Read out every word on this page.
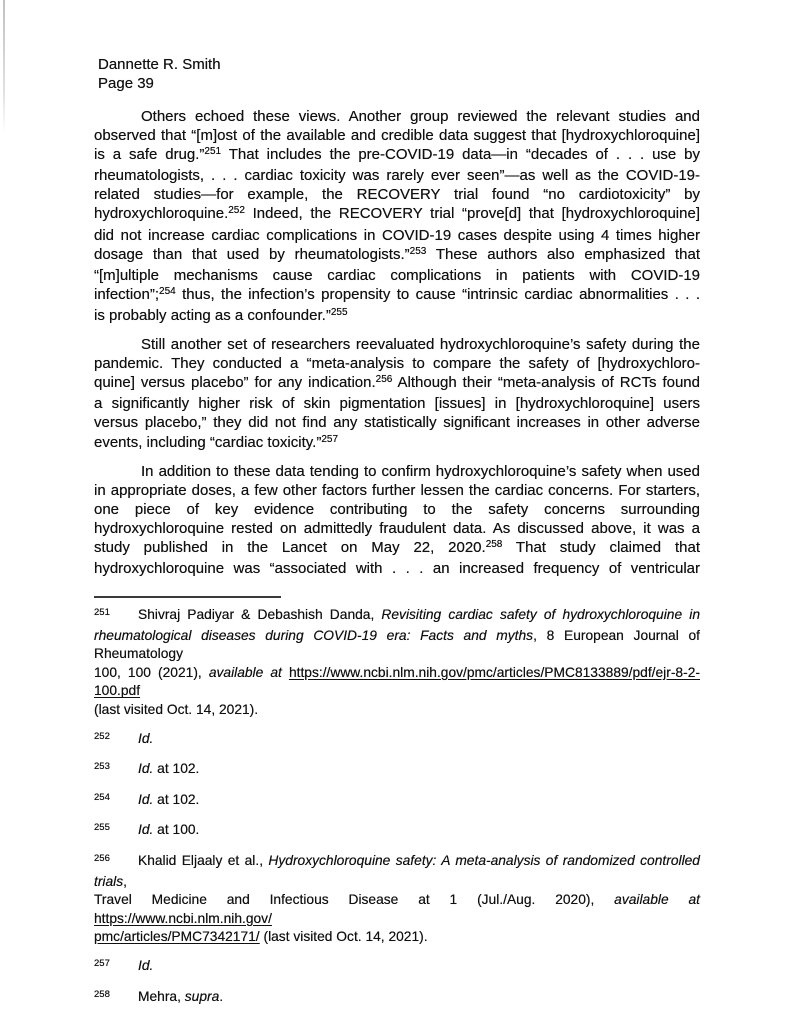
Dannette R. Smith
Page 39
Others echoed these views. Another group reviewed the relevant studies and
observed that “[m]ost of the available and credible data suggest that [hydroxychloroquine]
is a safe drug.”$^{251}$ That includes the pre-COVID-19 data—in “decades of . . . use by
rheumatologists, . . . cardiac toxicity was rarely ever seen”—as well as the COVID-19-
related studies—for example, the RECOVERY trial found “no cardiotoxicity” by
hydroxychloroquine.$^{252}$ Indeed, the RECOVERY trial “prove[d] that [hydroxychloroquine]
did not increase cardiac complications in COVID-19 cases despite using 4 times higher
dosage than that used by rheumatologists.”$^{253}$ These authors also emphasized that
“[m]ultiple mechanisms cause cardiac complications in patients with COVID-19
infection”;$^{254}$ thus, the infection’s propensity to cause “intrinsic cardiac abnormalities . . .
is probably acting as a confounder.”$^{255}$
Still another set of researchers reevaluated hydroxychloroquine’s safety during the
pandemic. They conducted a “meta-analysis to compare the safety of [hydroxychloro-
quine] versus placebo” for any indication.$^{256}$ Although their “meta-analysis of RCTs found
a significantly higher risk of skin pigmentation [issues] in [hydroxychloroquine] users
versus placebo,” they did not find any statistically significant increases in other adverse
events, including “cardiac toxicity.”$^{257}$
In addition to these data tending to confirm hydroxychloroquine’s safety when used
in appropriate doses, a few other factors further lessen the cardiac concerns. For starters,
one piece of key evidence contributing to the safety concerns surrounding
hydroxychloroquine rested on admittedly fraudulent data. As discussed above, it was a
study published in the Lancet on May 22, 2020.$^{258}$ That study claimed that
hydroxychloroquine was “associated with . . . an increased frequency of ventricular
251 Shivraj Padiyar & Debashish Danda, Revisiting cardiac safety of hydroxychloroquine in
rheumatological diseases during COVID-19 era: Facts and myths, 8 European Journal of Rheumatology
100, 100 (2021), available at https://www.ncbi.nlm.nih.gov/pmc/articles/PMC8133889/pdf/ejr-8-2-100.pdf
(last visited Oct. 14, 2021).
252 Id.
253 Id. at 102.
254 Id. at 102.
255 Id. at 100.
256 Khalid Eljaaly et al., Hydroxychloroquine safety: A meta-analysis of randomized controlled trials,
Travel Medicine and Infectious Disease at 1 (Jul./Aug. 2020), available at https://www.ncbi.nlm.nih.gov/
pmc/articles/PMC7342171/ (last visited Oct. 14, 2021).
257 Id.
258 Mehra, supra.
